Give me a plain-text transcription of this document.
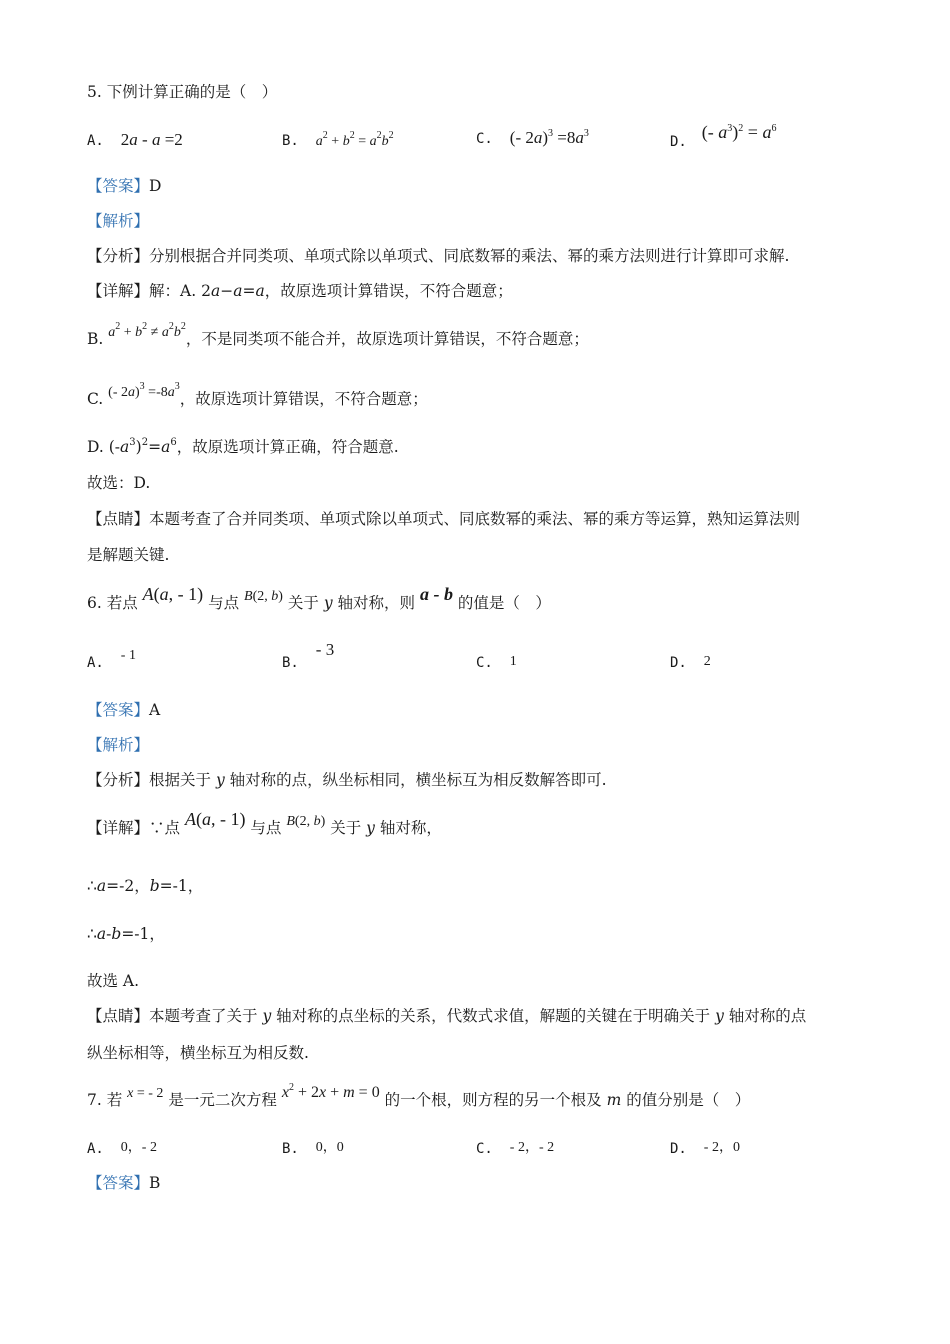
5. 下例计算正确的是（　）
A. 2a - a =2	B. $a^2 + b^2 = a^2b^2$	C. (- $2a)^3 =8a^3$
D. (- $a^3)^2 = a^6$
【答案】D
【解析】
【分析】分别根据合并同类项、单项式除以单项式、同底数幂的乘法、幂的乘方法则进行计算即可求解.
【详解】解：A. 2a−a=a，故原选项计算错误，不符合题意；
B. $a^2 + b^2 \ne a^2b^2$，不是同类项不能合并，故原选项计算错误，不符合题意；
C. (- $2a)^3 =-8a^3$，故原选项计算错误，不符合题意；
D. $(-a^3)^2=a^6$，故原选项计算正确，符合题意.
故选：D.
【点睛】本题考查了合并同类项、单项式除以单项式、同底数幂的乘法、幂的乘方等运算，熟知运算法则
是解题关键.
6. 若点 A(a, - 1) 与点 B(2, b) 关于 y 轴对称，则 a - b 的值是（　）
A. - 1	B. - 3
C. 1	D. 2
【答案】A
【解析】
【分析】根据关于 y 轴对称的点，纵坐标相同，横坐标互为相反数解答即可.
【详解】∵点 A(a, - 1) 与点 B(2, b) 关于 y 轴对称，
∴a=-2，b=-1，
∴a-b=-1，
故选 A.
【点睛】本题考查了关于 y 轴对称的点坐标的关系，代数式求值，解题的关键在于明确关于 y 轴对称的点
纵坐标相等，横坐标互为相反数.
7. 若 x = - 2 是一元二次方程 $x^2 + 2x + m = 0$ 的一个根，则方程的另一个根及 m 的值分别是（　）
A. 0，- 2	B. 0，0	C. - 2，- 2	D. - 2，0
【答案】B
